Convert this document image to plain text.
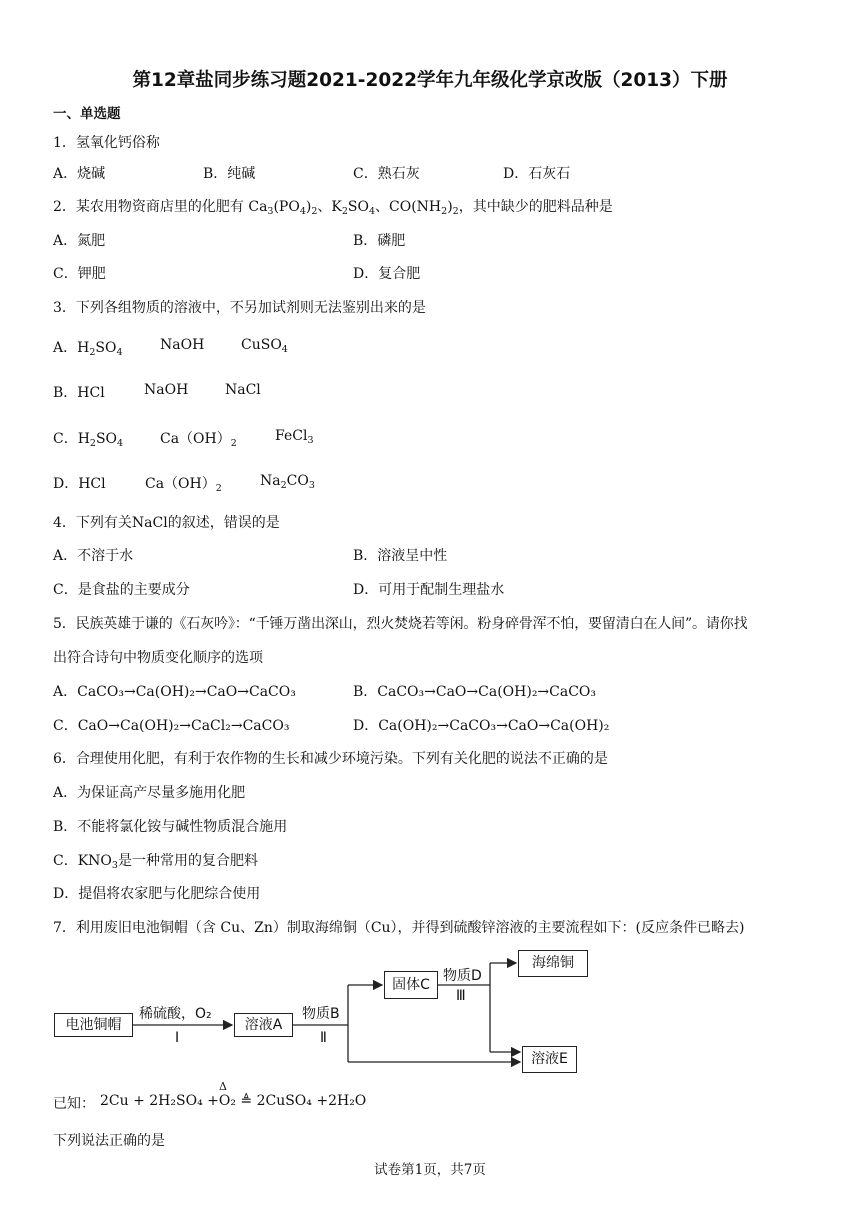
第12章盐同步练习题2021-2022学年九年级化学京改版（2013）下册
一、单选题
1．氢氧化钙俗称
A．烧碱	B．纯碱	C．熟石灰	D．石灰石
2．某农用物资商店里的化肥有 $Ca_3(PO_4)_2$、$K_2SO_4$、$CO(NH_2)_2$，其中缺少的肥料品种是
A．氮肥	B．磷肥
C．钾肥	D．复合肥
3．下列各组物质的溶液中，不另加试剂则无法鉴别出来的是
A．$H_2SO_4$	NaOH	CuSO$_4$
B．HCl	NaOH	NaCl
C．$H_2SO_4$	$Ca(OH)_2$	FeCl$_3$
D．HCl	$Ca(OH)_2$	$Na_2CO_3$
4．下列有关NaCl的叙述，错误的是
A．不溶于水	B．溶液呈中性
C．是食盐的主要成分	D．可用于配制生理盐水
5．民族英雄于谦的《石灰吟》：“千锤万凿出深山，烈火焚烧若等闲。粉身碎骨浑不怕，要留清白在人间”。请你找
出符合诗句中物质变化顺序的选项
A．CaCO₃→Ca(OH)₂→CaO→CaCO₃	B．CaCO₃→CaO→Ca(OH)₂→CaCO₃
C．CaO→Ca(OH)₂→CaCl₂→CaCO₃	D．Ca(OH)₂→CaCO₃→CaO→Ca(OH)₂
6．合理使用化肥，有利于农作物的生长和减少环境污染。下列有关化肥的说法不正确的是
A．为保证高产尽量多施用化肥
B．不能将氯化铵与碱性物质混合施用
C．$KNO_3$是一种常用的复合肥料
D．提倡将农家肥与化肥综合使用
7．利用废旧电池铜帽（含 Cu、Zn）制取海绵铜（Cu），并得到硫酸锌溶液的主要流程如下：(反应条件已略去)
电池铜帽
稀硫酸，O₂
Ⅰ
溶液A
物质B
Ⅱ
固体C
物质D
Ⅲ
海绵铜
溶液E
已知： 2Cu + 2H₂SO₄ +O₂ ≜ 2CuSO₄ +2H₂O
Δ
下列说法正确的是
试卷第1页，共7页
